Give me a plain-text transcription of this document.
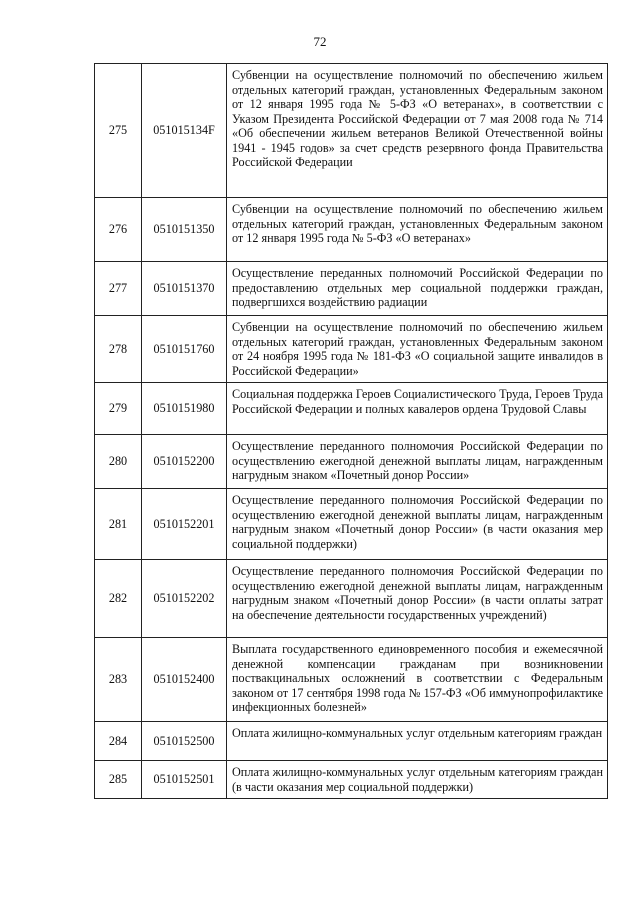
72
275	051015134F	Субвенции на осуществление полномочий по обеспечению жильем отдельных категорий граждан, установленных Федеральным законом от 12 января 1995 года № 5-ФЗ «О ветеранах», в соответствии с Указом Президента Российской Федерации от 7 мая 2008 года № 714 «Об обеспечении жильем ветеранов Великой Отечественной войны 1941 - 1945 годов» за счет средств резервного фонда Правительства Российской Федерации
276	0510151350	Субвенции на осуществление полномочий по обеспечению жильем отдельных категорий граждан, установленных Федеральным законом от 12 января 1995 года № 5-ФЗ «О ветеранах»
277	0510151370	Осуществление переданных полномочий Российской Федерации по предоставлению отдельных мер социальной поддержки граждан, подвергшихся воздействию радиации
278	0510151760	Субвенции на осуществление полномочий по обеспечению жильем отдельных категорий граждан, установленных Федеральным законом от 24 ноября 1995 года № 181-ФЗ «О социальной защите инвалидов в Российской Федерации»
279	0510151980	Социальная поддержка Героев Социалистического Труда, Героев Труда Российской Федерации и полных кавалеров ордена Трудовой Славы
280	0510152200	Осуществление переданного полномочия Российской Федерации по осуществлению ежегодной денежной выплаты лицам, награжденным нагрудным знаком «Почетный донор России»
281	0510152201	Осуществление переданного полномочия Российской Федерации по осуществлению ежегодной денежной выплаты лицам, награжденным нагрудным знаком «Почетный донор России» (в части оказания мер социальной поддержки)
282	0510152202	Осуществление переданного полномочия Российской Федерации по осуществлению ежегодной денежной выплаты лицам, награжденным нагрудным знаком «Почетный донор России» (в части оплаты затрат на обеспечение деятельности государственных учреждений)
283	0510152400	Выплата государственного единовременного пособия и ежемесячной денежной компенсации гражданам при возникновении поствакцинальных осложнений в соответствии с Федеральным законом от 17 сентября 1998 года № 157-ФЗ «Об иммунопрофилактике инфекционных болезней»
284	0510152500	Оплата жилищно-коммунальных услуг отдельным категориям граждан
285	0510152501	Оплата жилищно-коммунальных услуг отдельным категориям граждан (в части оказания мер социальной поддержки)
